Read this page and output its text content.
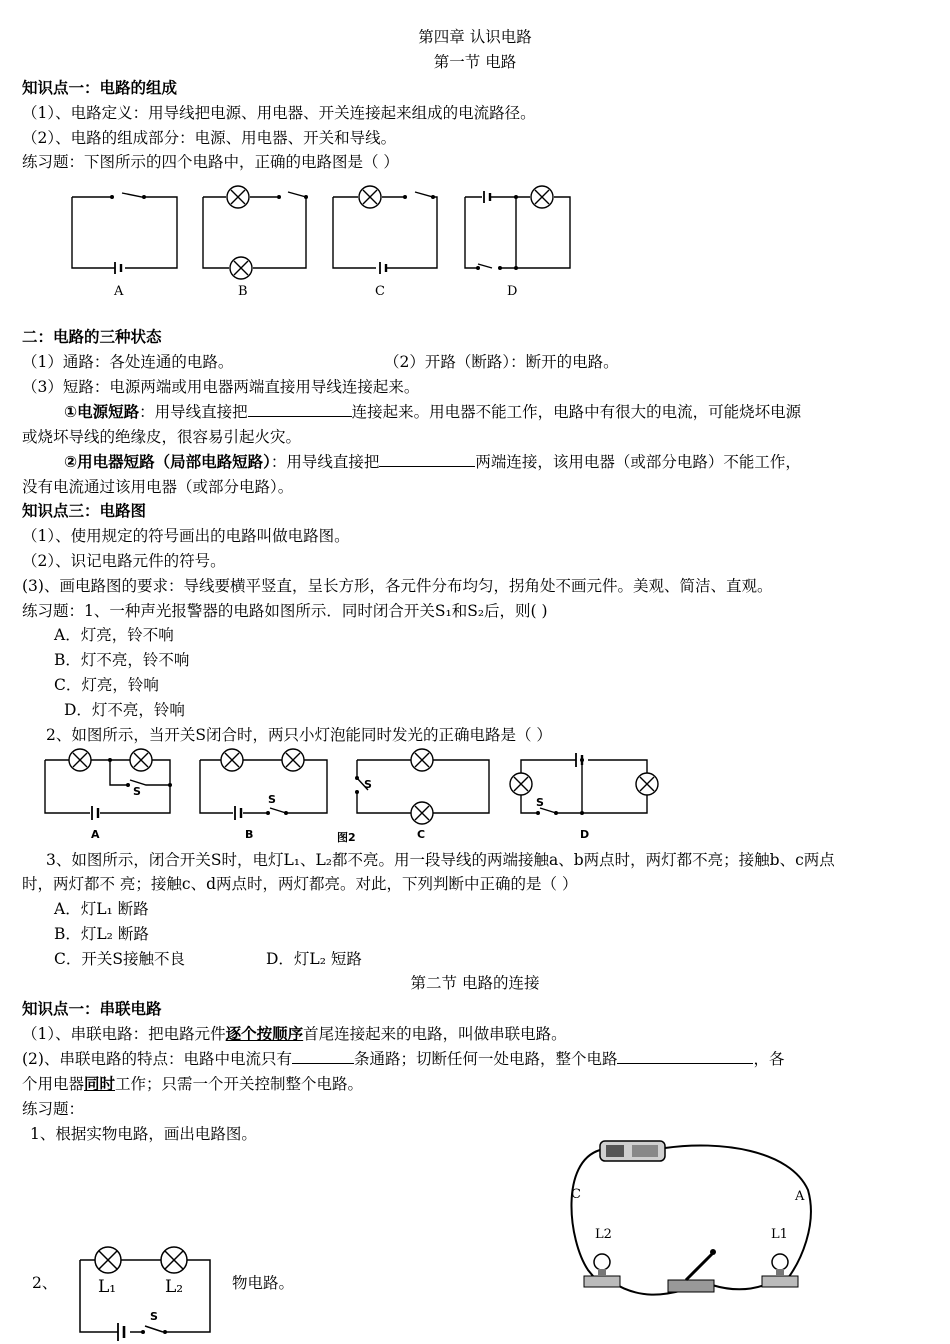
第四章 认识电路
第一节 电路
知识点一：电路的组成
（1）、电路定义：用导线把电源、用电器、开关连接起来组成的电流路径。
（2）、电路的组成部分：电源、用电器、开关和导线。
练习题：下图所示的四个电路中，正确的电路图是（ ）
A	B	C	D
二：电路的三种状态
（1）通路：各处连通的电路。	（2）开路（断路）：断开的电路。
（3）短路：电源两端或用电器两端直接用导线连接起来。
①电源短路：用导线直接把	连接起来。用电器不能工作，电路中有很大的电流，可能烧坏电源
或烧坏导线的绝缘皮，很容易引起火灾。
②用电器短路（局部电路短路）：用导线直接把	两端连接，该用电器（或部分电路）不能工作，
没有电流通过该用电器（或部分电路）。
知识点三：电路图
（1）、使用规定的符号画出的电路叫做电路图。
（2）、识记电路元件的符号。
(3)、画电路图的要求：导线要横平竖直，呈长方形，各元件分布均匀，拐角处不画元件。美观、简洁、直观。
练习题：1、一种声光报警器的电路如图所示．同时闭合开关S₁和S₂后，则( )
A．灯亮，铃不响
B．灯不亮，铃不响
C．灯亮，铃响
D．灯不亮，铃响
2、如图所示，当开关S闭合时，两只小灯泡能同时发光的正确电路是（ ）
S
S
S
S
A	B	图2	C	D
3、如图所示，闭合开关S时，电灯L₁、L₂都不亮。用一段导线的两端接触a、b两点时，两灯都不亮；接触b、c两点
时，两灯都不 亮；接触c、d两点时，两灯都亮。对此，下列判断中正确的是（ ）
A．灯L₁ 断路
B．灯L₂ 断路
C．开关S接触不良	D．灯L₂ 短路
第二节 电路的连接
知识点一：串联电路
（1）、串联电路：把电路元件逐个按顺序首尾连接起来的电路，叫做串联电路。
(2)、串联电路的特点：电路中电流只有	条通路；切断任何一处电路，整个电路	，各
个用电器同时工作；只需一个开关控制整个电路。
练习题：
1、根据实物电路，画出电路图。
C	A
L2	L1
2、	物电路。
L₁	L₂
S
